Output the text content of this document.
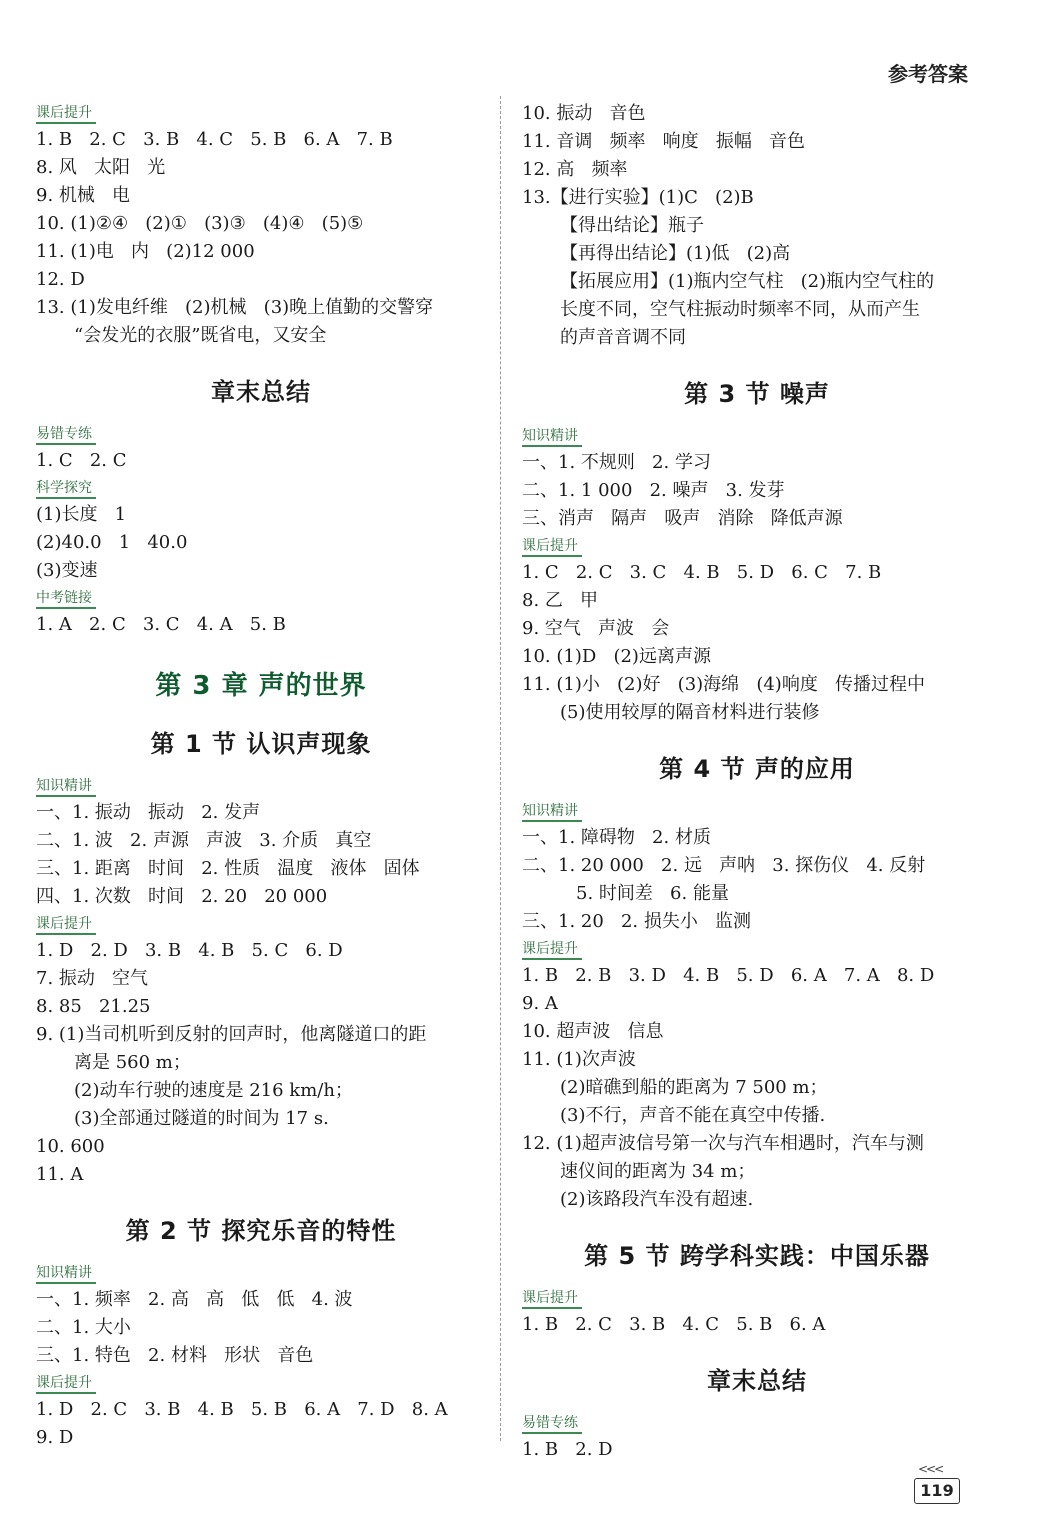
参考答案
课后提升
1. B   2. C   3. B   4. C   5. B   6. A   7. B
8. 风   太阳   光
9. 机械   电
10. (1)②④   (2)①   (3)③   (4)④   (5)⑤
11. (1)电   内   (2)12 000
12. D
13. (1)发电纤维   (2)机械   (3)晚上值勤的交警穿
“会发光的衣服”既省电，又安全
章末总结
易错专练
1. C   2. C
科学探究
(1)长度   1
(2)40.0   1   40.0
(3)变速
中考链接
1. A   2. C   3. C   4. A   5. B
第 3 章 声的世界
第 1 节 认识声现象
知识精讲
一、1. 振动   振动   2. 发声
二、1. 波   2. 声源   声波   3. 介质   真空
三、1. 距离   时间   2. 性质   温度   液体   固体
四、1. 次数   时间   2. 20   20 000
课后提升
1. D   2. D   3. B   4. B   5. C   6. D
7. 振动   空气
8. 85   21.25
9. (1)当司机听到反射的回声时，他离隧道口的距
离是 560 m；
(2)动车行驶的速度是 216 km/h；
(3)全部通过隧道的时间为 17 s.
10. 600
11. A
第 2 节 探究乐音的特性
知识精讲
一、1. 频率   2. 高   高   低   低   4. 波
二、1. 大小
三、1. 特色   2. 材料   形状   音色
课后提升
1. D   2. C   3. B   4. B   5. B   6. A   7. D   8. A
9. D
10. 振动   音色
11. 音调   频率   响度   振幅   音色
12. 高   频率
13.【进行实验】(1)C   (2)B
【得出结论】瓶子
【再得出结论】(1)低   (2)高
【拓展应用】(1)瓶内空气柱   (2)瓶内空气柱的
长度不同，空气柱振动时频率不同，从而产生
的声音音调不同
第 3 节 噪声
知识精讲
一、1. 不规则   2. 学习
二、1. 1 000   2. 噪声   3. 发芽
三、消声   隔声   吸声   消除   降低声源
课后提升
1. C   2. C   3. C   4. B   5. D   6. C   7. B
8. 乙   甲
9. 空气   声波   会
10. (1)D   (2)远离声源
11. (1)小   (2)好   (3)海绵   (4)响度   传播过程中
(5)使用较厚的隔音材料进行装修
第 4 节 声的应用
知识精讲
一、1. 障碍物   2. 材质
二、1. 20 000   2. 远   声呐   3. 探伤仪   4. 反射
5. 时间差   6. 能量
三、1. 20   2. 损失小   监测
课后提升
1. B   2. B   3. D   4. B   5. D   6. A   7. A   8. D
9. A
10. 超声波   信息
11. (1)次声波
(2)暗礁到船的距离为 7 500 m；
(3)不行，声音不能在真空中传播.
12. (1)超声波信号第一次与汽车相遇时，汽车与测
速仪间的距离为 34 m；
(2)该路段汽车没有超速.
第 5 节 跨学科实践：中国乐器
课后提升
1. B   2. C   3. B   4. C   5. B   6. A
章末总结
易错专练
1. B   2. D
<<<
119
